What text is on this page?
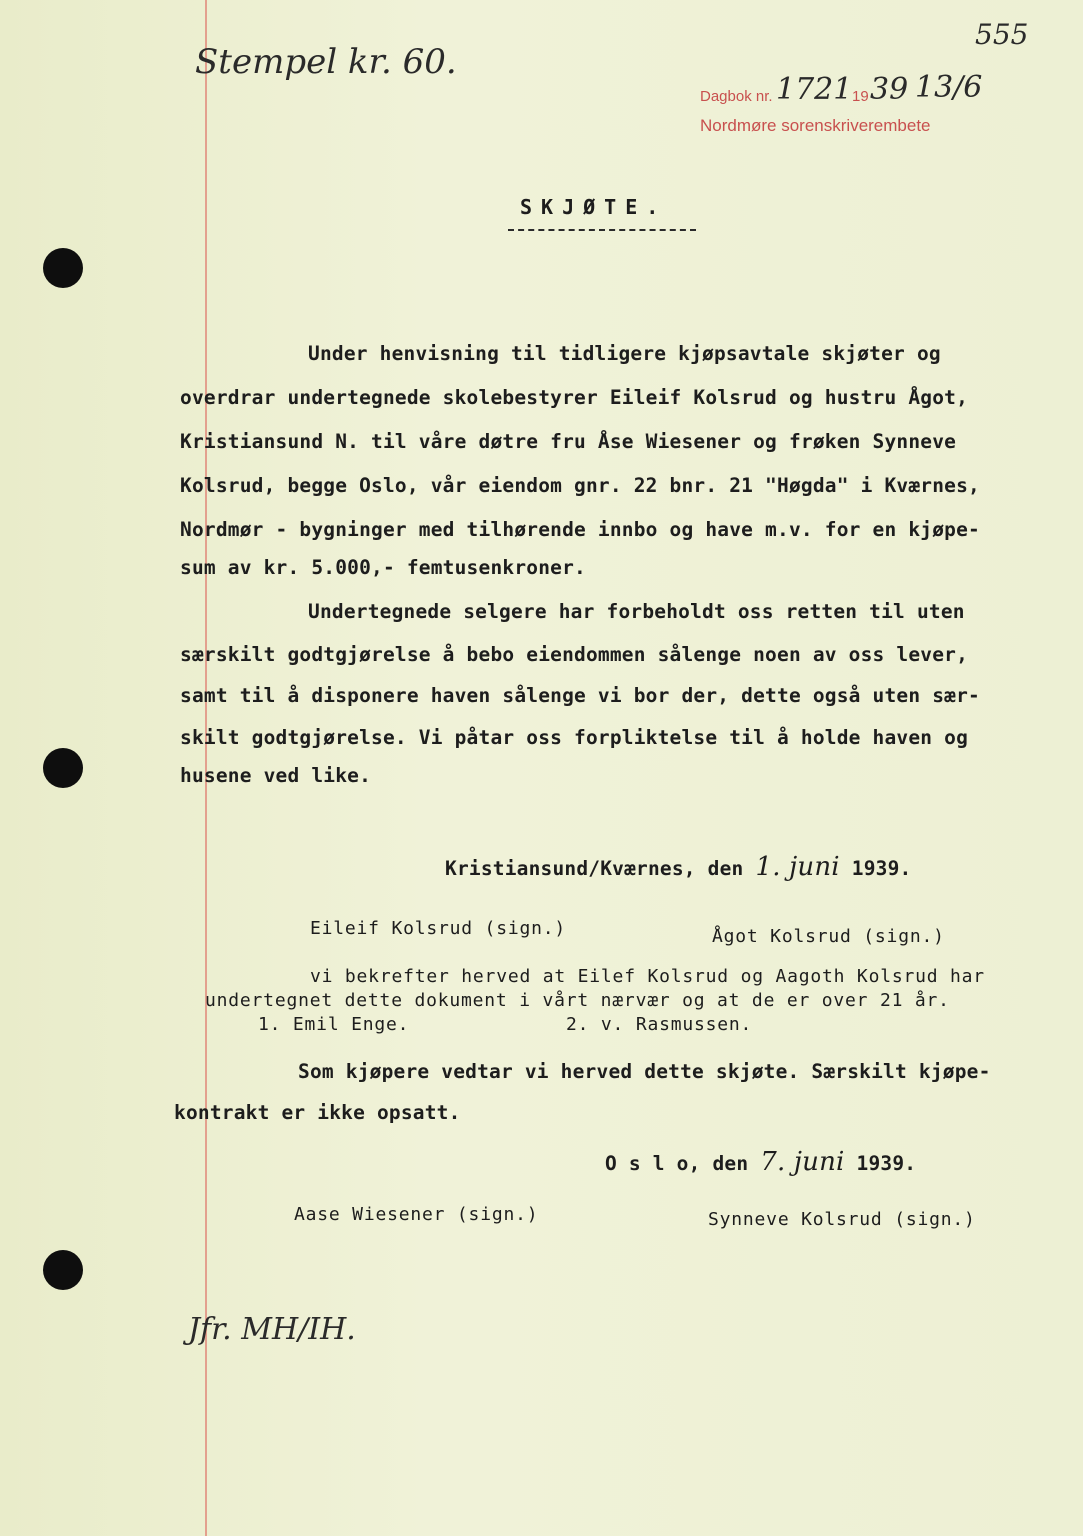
Stempel kr. 60.
555
Dagbok nr. 1721 19 39 13/6
Nordmøre sorenskriverembete
SKJØTE.
Under henvisning til tidligere kjøpsavtale skjøter og
overdrar undertegnede skolebestyrer Eileif Kolsrud og hustru Ågot,
Kristiansund N. til våre døtre fru Åse Wiesener og frøken Synneve
Kolsrud, begge Oslo, vår eiendom gnr. 22 bnr. 21 "Høgda" i Kværnes,
Nordmør - bygninger med tilhørende innbo og have m.v. for en kjøpe-
sum av kr. 5.000,- femtusenkroner.
Undertegnede selgere har forbeholdt oss retten til uten
særskilt godtgjørelse å bebo eiendommen sålenge noen av oss lever,
samt til å disponere haven sålenge vi bor der, dette også uten sær-
skilt godtgjørelse. Vi påtar oss forpliktelse til å holde haven og
husene ved like.
Kristiansund/Kværnes, den 1. juni 1939.
Eileif Kolsrud (sign.)	Ågot Kolsrud (sign.)
vi bekrefter herved at Eilef Kolsrud og Aagoth Kolsrud har
undertegnet dette dokument i vårt nærvær og at de er over 21 år.
1. Emil Enge.	2. v. Rasmussen.
Som kjøpere vedtar vi herved dette skjøte. Særskilt kjøpe-
kontrakt er ikke opsatt.
O s l o, den 7. juni 1939.
Aase Wiesener (sign.)	Synneve Kolsrud (sign.)
Jfr. MH/IH.
